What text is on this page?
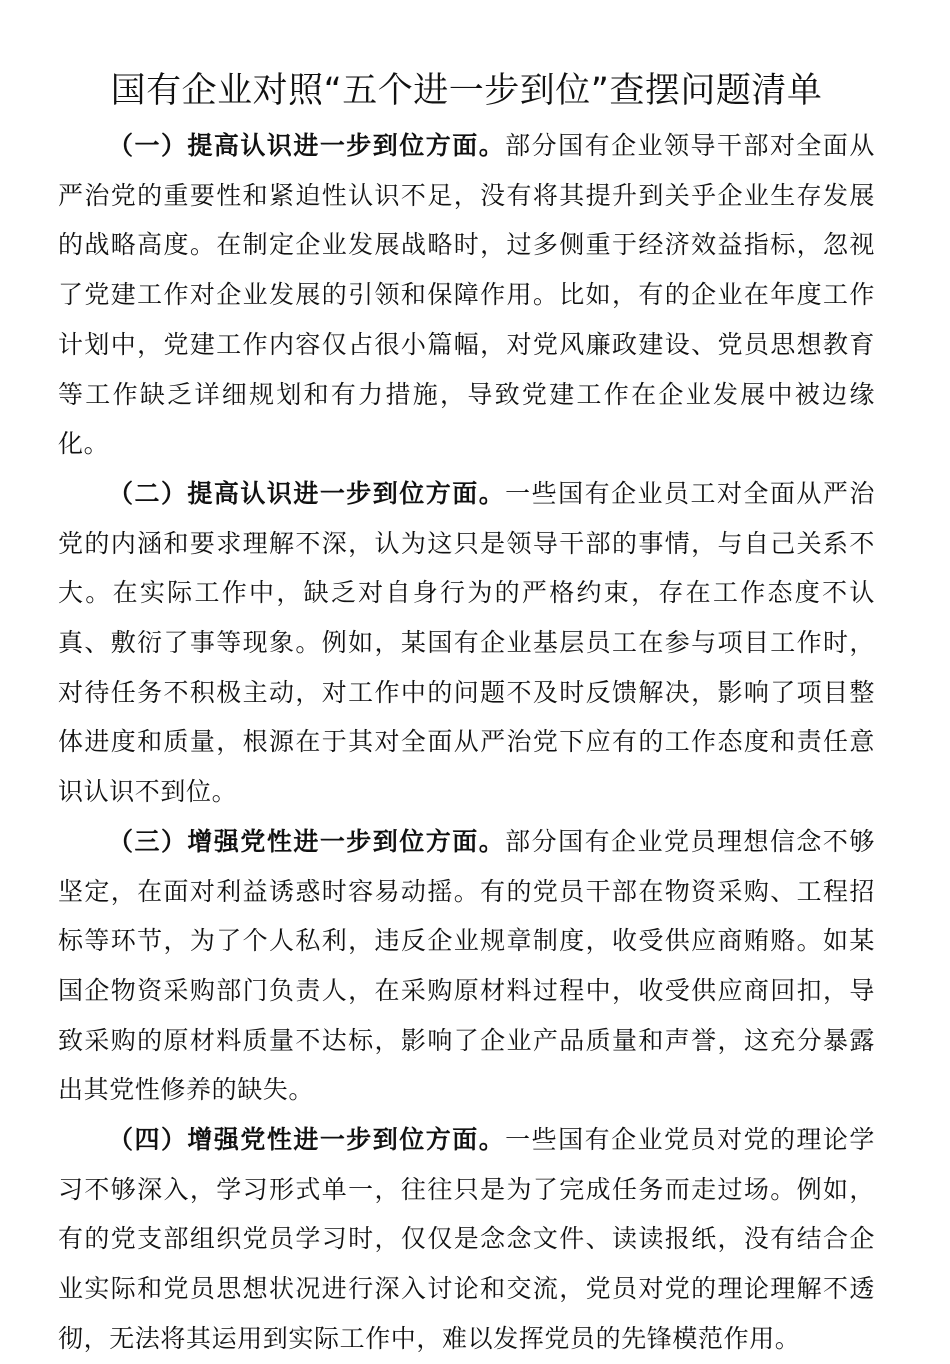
国有企业对照“五个进一步到位”查摆问题清单

（一）提高认识进一步到位方面。部分国有企业领导干部对全面从严治党的重要性和紧迫性认识不足，没有将其提升到关乎企业生存发展的战略高度。在制定企业发展战略时，过多侧重于经济效益指标，忽视了党建工作对企业发展的引领和保障作用。比如，有的企业在年度工作计划中，党建工作内容仅占很小篇幅，对党风廉政建设、党员思想教育等工作缺乏详细规划和有力措施，导致党建工作在企业发展中被边缘化。

（二）提高认识进一步到位方面。一些国有企业员工对全面从严治党的内涵和要求理解不深，认为这只是领导干部的事情，与自己关系不大。在实际工作中，缺乏对自身行为的严格约束，存在工作态度不认真、敷衍了事等现象。例如，某国有企业基层员工在参与项目工作时，对待任务不积极主动，对工作中的问题不及时反馈解决，影响了项目整体进度和质量，根源在于其对全面从严治党下应有的工作态度和责任意识认识不到位。

（三）增强党性进一步到位方面。部分国有企业党员理想信念不够坚定，在面对利益诱惑时容易动摇。有的党员干部在物资采购、工程招标等环节，为了个人私利，违反企业规章制度，收受供应商贿赂。如某国企物资采购部门负责人，在采购原材料过程中，收受供应商回扣，导致采购的原材料质量不达标，影响了企业产品质量和声誉，这充分暴露出其党性修养的缺失。

（四）增强党性进一步到位方面。一些国有企业党员对党的理论学习不够深入，学习形式单一，往往只是为了完成任务而走过场。例如，有的党支部组织党员学习时，仅仅是念念文件、读读报纸，没有结合企业实际和党员思想状况进行深入讨论和交流，党员对党的理论理解不透彻，无法将其运用到实际工作中，难以发挥党员的先锋模范作用。
